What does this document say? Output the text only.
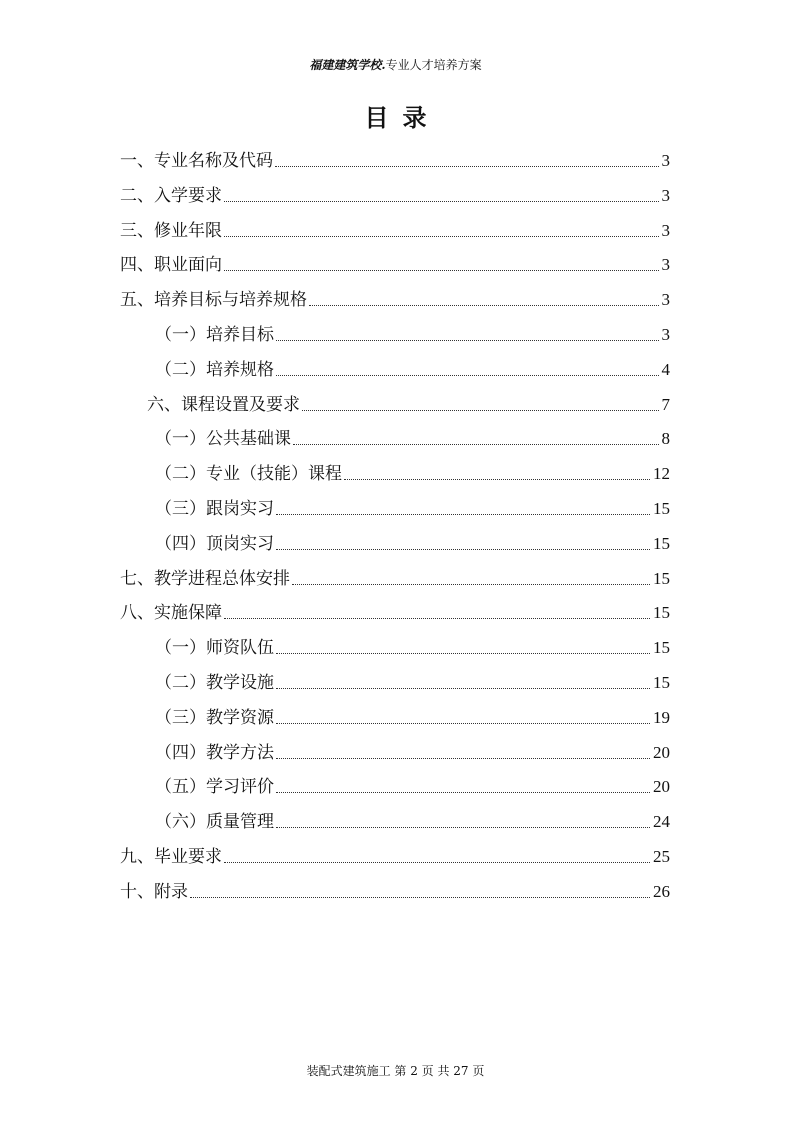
福建建筑学校.专业人才培养方案
目录
一、专业名称及代码	3
二、入学要求	3
三、修业年限	3
四、职业面向	3
五、培养目标与培养规格	3
（一）培养目标	3
（二）培养规格	4
六、课程设置及要求	7
（一）公共基础课	8
（二）专业（技能）课程	12
（三）跟岗实习	15
（四）顶岗实习	15
七、教学进程总体安排	15
八、实施保障	15
（一）师资队伍	15
（二）教学设施	15
（三）教学资源	19
（四）教学方法	20
（五）学习评价	20
（六）质量管理	24
九、毕业要求	25
十、附录	26
装配式建筑施工 第 2 页 共 27 页
